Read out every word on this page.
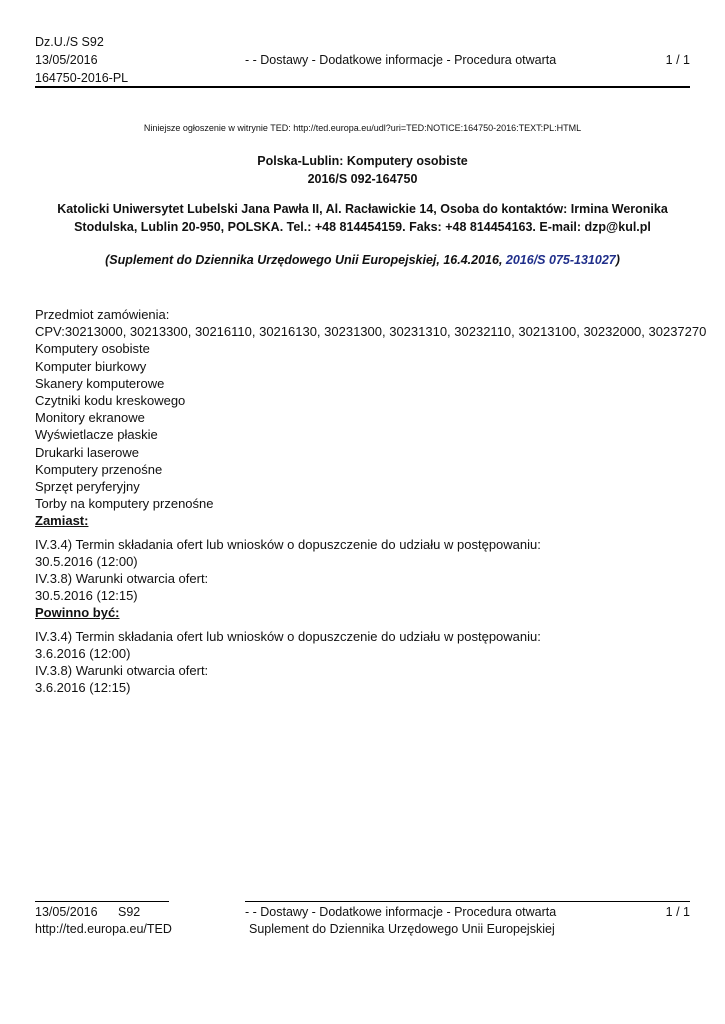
Dz.U./S S92
13/05/2016
164750-2016-PL
- - Dostawy - Dodatkowe informacje - Procedura otwarta	1 / 1
Niniejsze ogłoszenie w witrynie TED: http://ted.europa.eu/udl?uri=TED:NOTICE:164750-2016:TEXT:PL:HTML
Polska-Lublin: Komputery osobiste
2016/S 092-164750
Katolicki Uniwersytet Lubelski Jana Pawła II, Al. Racławickie 14, Osoba do kontaktów: Irmina Weronika
Stodulska, Lublin 20-950, POLSKA. Tel.: +48 814454159. Faks: +48 814454163. E-mail: dzp@kul.pl
(Suplement do Dziennika Urzędowego Unii Europejskiej, 16.4.2016, 2016/S 075-131027)
Przedmiot zamówienia:
CPV:30213000, 30213300, 30216110, 30216130, 30231300, 30231310, 30232110, 30213100, 30232000, 30237270
Komputery osobiste
Komputer biurkowy
Skanery komputerowe
Czytniki kodu kreskowego
Monitory ekranowe
Wyświetlacze płaskie
Drukarki laserowe
Komputery przenośne
Sprzęt peryferyjny
Torby na komputery przenośne
Zamiast:
IV.3.4) Termin składania ofert lub wniosków o dopuszczenie do udziału w postępowaniu:
30.5.2016 (12:00)
IV.3.8) Warunki otwarcia ofert:
30.5.2016 (12:15)
Powinno być:
IV.3.4) Termin składania ofert lub wniosków o dopuszczenie do udziału w postępowaniu:
3.6.2016 (12:00)
IV.3.8) Warunki otwarcia ofert:
3.6.2016 (12:15)
13/05/2016 S92
http://ted.europa.eu/TED
- - Dostawy - Dodatkowe informacje - Procedura otwarta
Suplement do Dziennika Urzędowego Unii Europejskiej
1 / 1
